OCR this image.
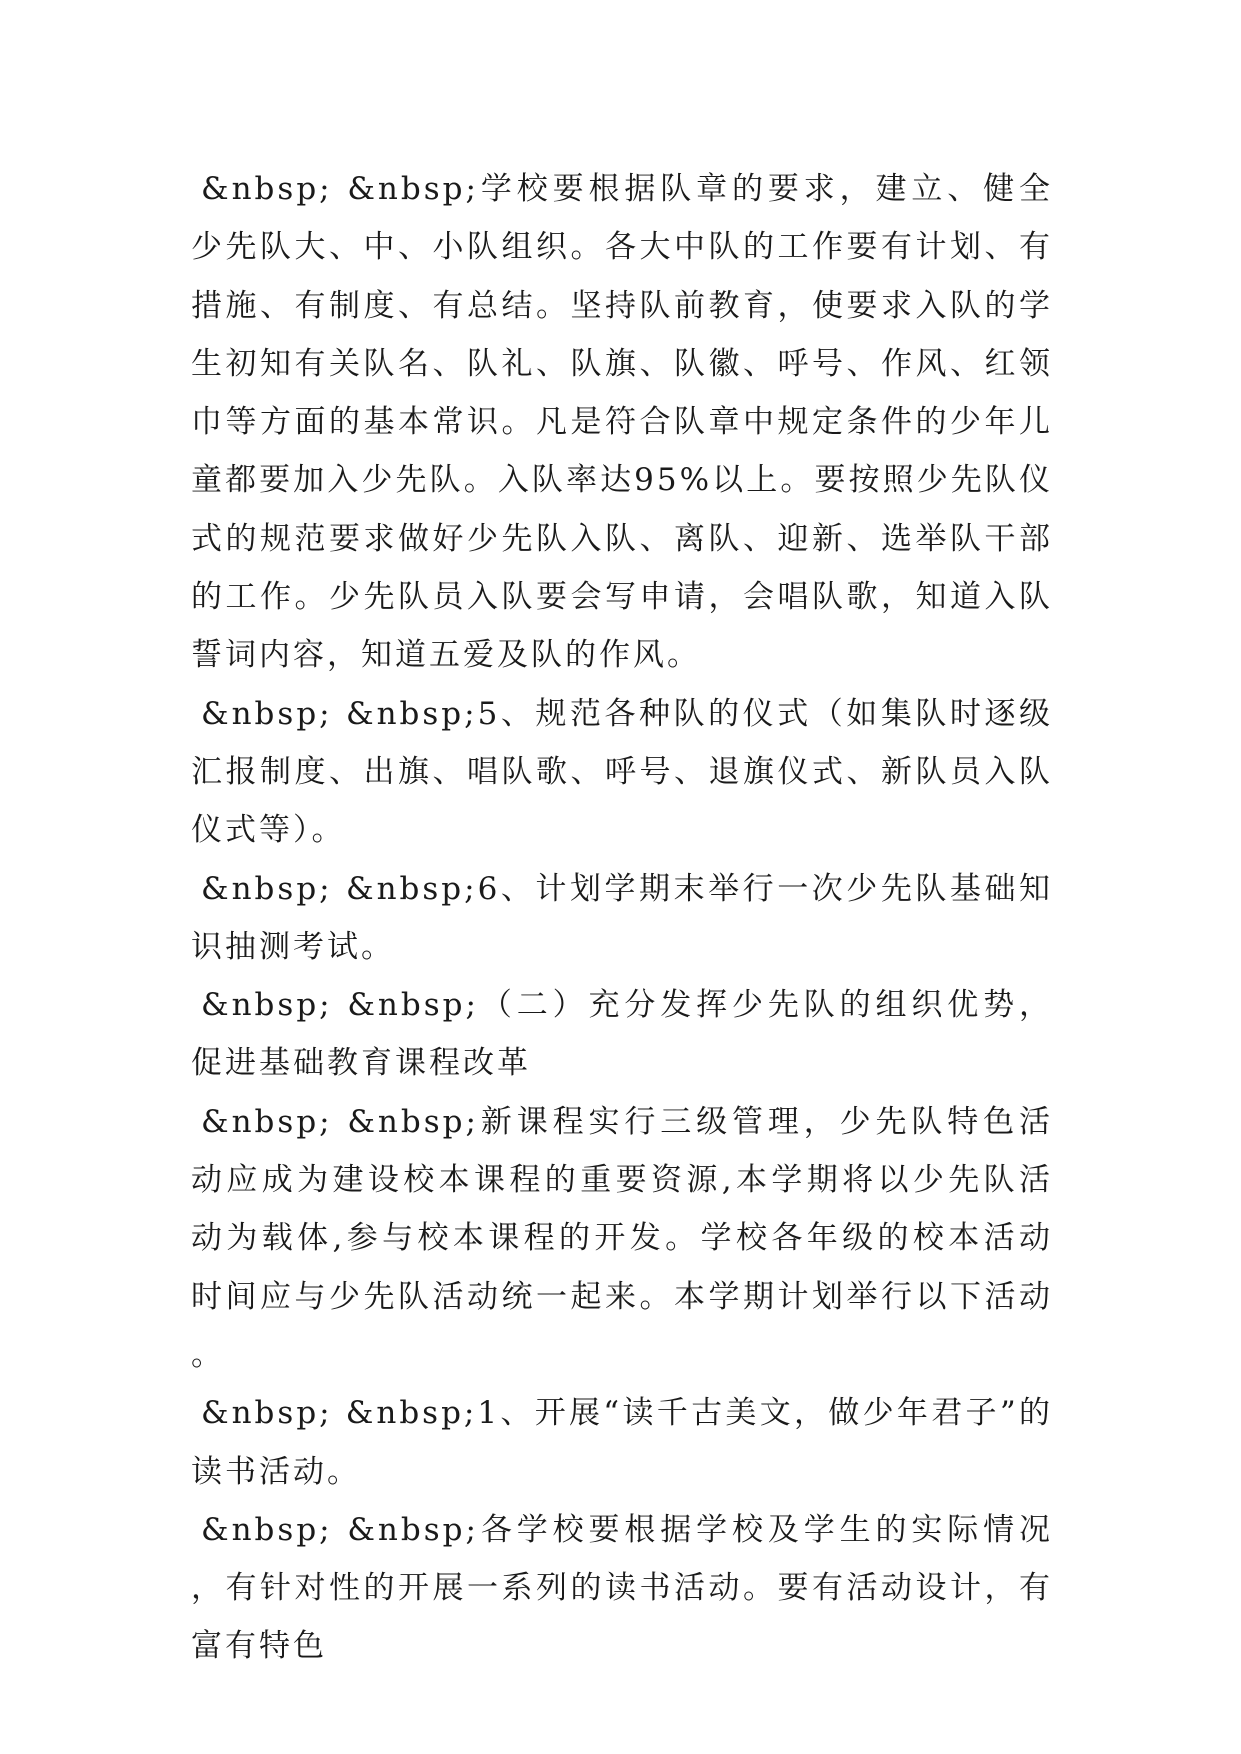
&nbsp; &nbsp;学校要根据队章的要求，建立、健全少先队大、中、小队组织。各大中队的工作要有计划、有措施、有制度、有总结。坚持队前教育，使要求入队的学生初知有关队名、队礼、队旗、队徽、呼号、作风、红领巾等方面的基本常识。凡是符合队章中规定条件的少年儿童都要加入少先队。入队率达95%以上。要按照少先队仪式的规范要求做好少先队入队、离队、迎新、选举队干部的工作。少先队员入队要会写申请，会唱队歌，知道入队誓词内容，知道五爱及队的作风。

&nbsp; &nbsp;5、规范各种队的仪式（如集队时逐级汇报制度、出旗、唱队歌、呼号、退旗仪式、新队员入队仪式等）。

&nbsp; &nbsp;6、计划学期末举行一次少先队基础知识抽测考试。

&nbsp; &nbsp;（二）充分发挥少先队的组织优势，促进基础教育课程改革

&nbsp; &nbsp;新课程实行三级管理，少先队特色活动应成为建设校本课程的重要资源,本学期将以少先队活动为载体,参与校本课程的开发。学校各年级的校本活动时间应与少先队活动统一起来。本学期计划举行以下活动。

&nbsp; &nbsp;1、开展“读千古美文，做少年君子”的读书活动。

&nbsp; &nbsp;各学校要根据学校及学生的实际情况，有针对性的开展一系列的读书活动。要有活动设计，有富有特色
